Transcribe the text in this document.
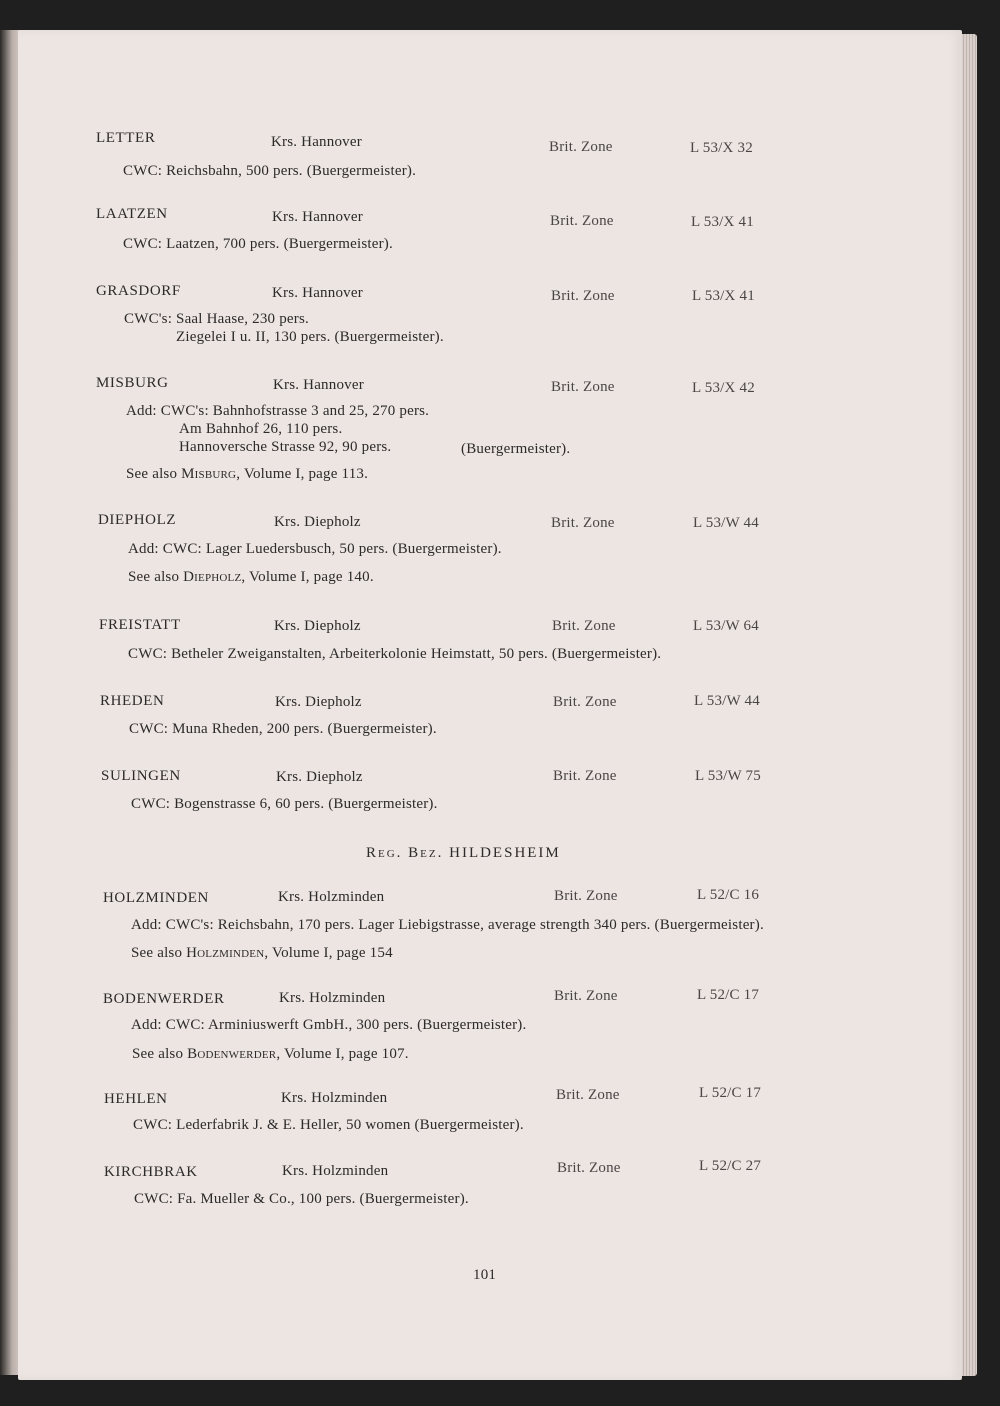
LETTER	Krs. Hannover	Brit. Zone	L 53/X 32
CWC: Reichsbahn, 500 pers. (Buergermeister).
LAATZEN	Krs. Hannover	Brit. Zone	L 53/X 41
CWC: Laatzen, 700 pers. (Buergermeister).
GRASDORF	Krs. Hannover	Brit. Zone	L 53/X 41
CWC's: Saal Haase, 230 pers.
Ziegelei I u. II, 130 pers. (Buergermeister).
MISBURG	Krs. Hannover	Brit. Zone	L 53/X 42
Add: CWC's: Bahnhofstrasse 3 and 25, 270 pers.
Am Bahnhof 26, 110 pers.
Hannoversche Strasse 92, 90 pers.	(Buergermeister).
See also Misburg, Volume I, page 113.
DIEPHOLZ	Krs. Diepholz	Brit. Zone	L 53/W 44
Add: CWC: Lager Luedersbusch, 50 pers. (Buergermeister).
See also Diepholz, Volume I, page 140.
FREISTATT	Krs. Diepholz	Brit. Zone	L 53/W 64
CWC: Betheler Zweiganstalten, Arbeiterkolonie Heimstatt, 50 pers. (Buergermeister).
RHEDEN	Krs. Diepholz	Brit. Zone	L 53/W 44
CWC: Muna Rheden, 200 pers. (Buergermeister).
SULINGEN	Krs. Diepholz	Brit. Zone	L 53/W 75
CWC: Bogenstrasse 6, 60 pers. (Buergermeister).
Reg. Bez. HILDESHEIM
HOLZMINDEN	Krs. Holzminden	Brit. Zone	L 52/C 16
Add: CWC's: Reichsbahn, 170 pers. Lager Liebigstrasse, average strength 340 pers. (Buergermeister).
See also Holzminden, Volume I, page 154
BODENWERDER	Krs. Holzminden	Brit. Zone	L 52/C 17
Add: CWC: Arminiuswerft GmbH., 300 pers. (Buergermeister).
See also Bodenwerder, Volume I, page 107.
HEHLEN	Krs. Holzminden	Brit. Zone	L 52/C 17
CWC: Lederfabrik J. & E. Heller, 50 women (Buergermeister).
KIRCHBRAK	Krs. Holzminden	Brit. Zone	L 52/C 27
CWC: Fa. Mueller & Co., 100 pers. (Buergermeister).
101
